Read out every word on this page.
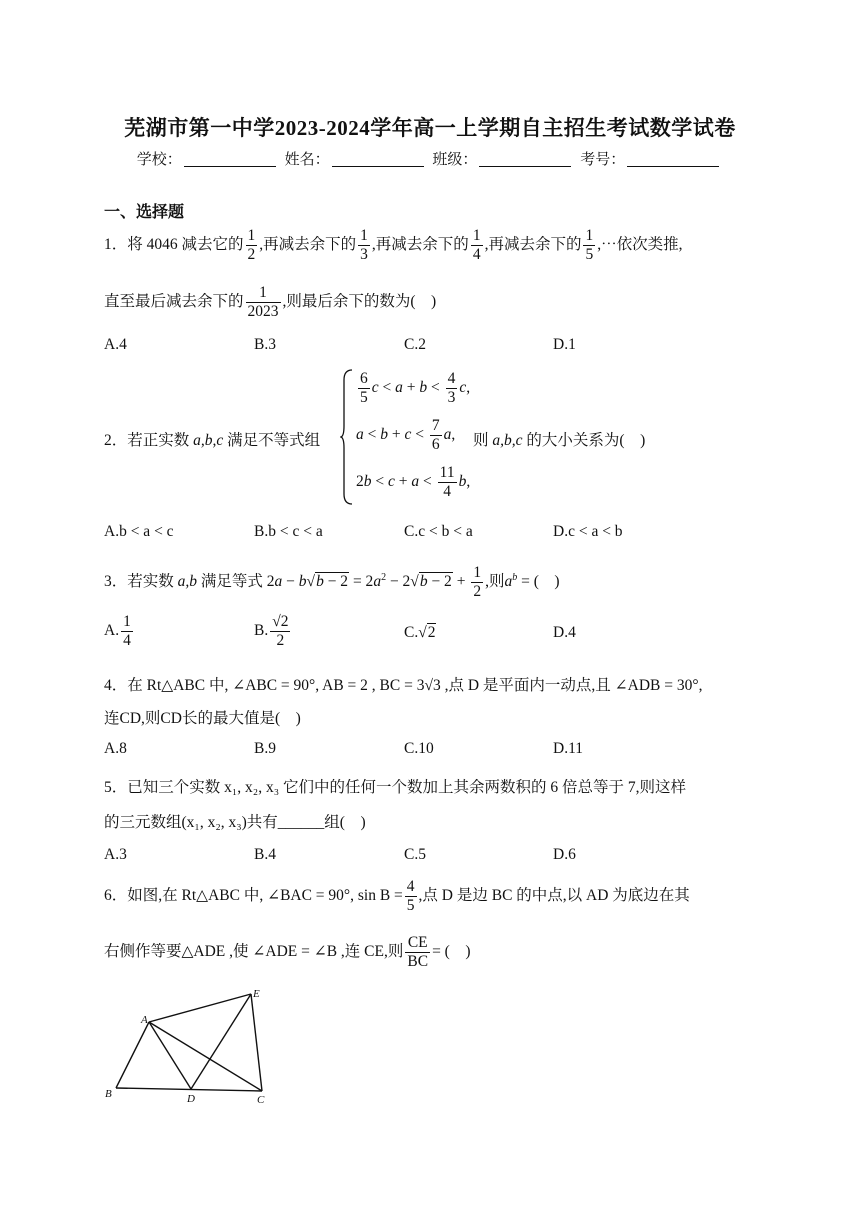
芜湖市第一中学2023-2024学年高一上学期自主招生考试数学试卷
学校：	姓名：	班级：	考号：
一、选择题
1．将 4046 减去它的 $\frac{1}{2}$ ,再减去余下的 $\frac{1}{3}$ ,再减去余下的 $\frac{1}{4}$ ,再减去余下的 $\frac{1}{5}$ ,⋯依次类推,
直至最后减去余下的 $\frac{1}{2023}$ ,则最后余下的数为(　)
A.4	B.3	C.2	D.1
2．若正实数 a,b,c 满足不等式组
$\frac{6}{5}$ $c < a + b < \frac{4}{3} c$,
$a < b + c < \frac{7}{6} a$,
$2b < c + a < \frac{11}{4} b$,
则 a,b,c 的大小关系为(　)
A.b < a < c	B.b < c < a	C.c < b < a	D.c < a < b
3．若实数 a,b 满足等式 $2a - b√b - 2 = 2a^2 - 2√b - 2 + \frac{1}{2}$ ,则$a^b$ = (　)
A. $\frac{1}{4}$	B. $\frac{√2}{2}$	C.√2	D.4
4．在 Rt△ABC 中, ∠ABC = 90°, AB = 2 , BC = 3√3 ,点 D 是平面内一动点,且 ∠ADB = 30°,
连CD,则CD长的最大值是(　)
A.8	B.9	C.10	D.11
5．已知三个实数 x₁, x₂, x₃ 它们中的任何一个数加上其余两数积的 6 倍总等于 7,则这样
的三元数组(x₁, x₂, x₃)共有______组(　)
A.3	B.4	C.5	D.6
6．如图,在 Rt△ABC 中, ∠BAC = 90°, $\sin B = \frac{4}{5}$ ,点 D 是边 BC 的中点,以 AD 为底边在其
右侧作等要△ADE ,使 ∠ADE = ∠B ,连 CE,则 $\frac{CE}{BC}$ = (　)
A
B	C
D
E
